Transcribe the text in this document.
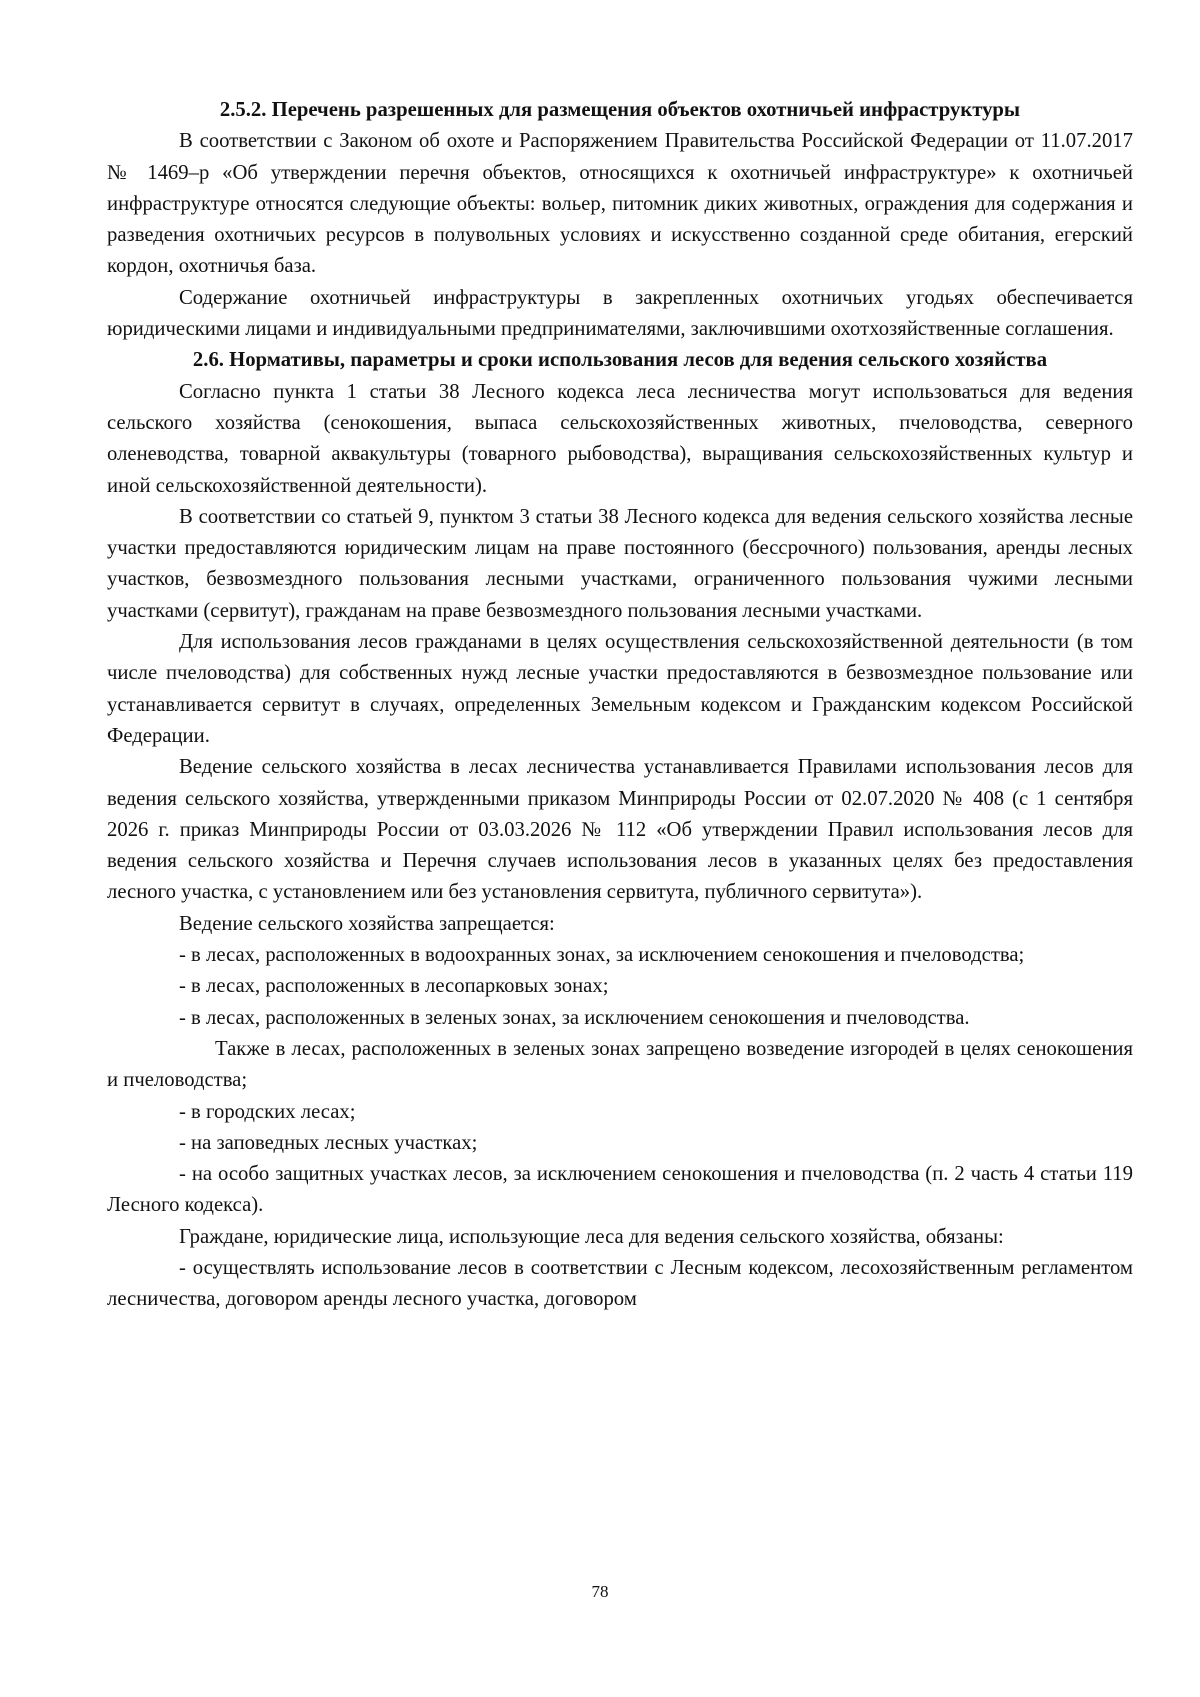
2.5.2. Перечень разрешенных для размещения объектов охотничьей инфраструктуры

В соответствии с Законом об охоте и Распоряжением Правительства Российской Федерации от 11.07.2017 № 1469–р «Об утверждении перечня объектов, относящихся к охотничьей инфраструктуре» к охотничьей инфраструктуре относятся следующие объекты: вольер, питомник диких животных, ограждения для содержания и разведения охотничьих ресурсов в полувольных условиях и искусственно созданной среде обитания, егерский кордон, охотничья база.

Содержание охотничьей инфраструктуры в закрепленных охотничьих угодьях обеспечивается юридическими лицами и индивидуальными предпринимателями, заключившими охотхозяйственные соглашения.

2.6. Нормативы, параметры и сроки использования лесов для ведения сельского хозяйства

Согласно пункта 1 статьи 38 Лесного кодекса леса лесничества могут использоваться для ведения сельского хозяйства (сенокошения, выпаса сельскохозяйственных животных, пчеловодства, северного оленеводства, товарной аквакультуры (товарного рыбоводства), выращивания сельскохозяйственных культур и иной сельскохозяйственной деятельности).

В соответствии со статьей 9, пунктом 3 статьи 38 Лесного кодекса для ведения сельского хозяйства лесные участки предоставляются юридическим лицам на праве постоянного (бессрочного) пользования, аренды лесных участков, безвозмездного пользования лесными участками, ограниченного пользования чужими лесными участками (сервитут), гражданам на праве безвозмездного пользования лесными участками.

Для использования лесов гражданами в целях осуществления сельскохозяйственной деятельности (в том числе пчеловодства) для собственных нужд лесные участки предоставляются в безвозмездное пользование или устанавливается сервитут в случаях, определенных Земельным кодексом и Гражданским кодексом Российской Федерации.

Ведение сельского хозяйства в лесах лесничества устанавливается Правилами использования лесов для ведения сельского хозяйства, утвержденными приказом Минприроды России от 02.07.2020 № 408 (с 1 сентября 2026 г. приказ Минприроды России от 03.03.2026 № 112 «Об утверждении Правил использования лесов для ведения сельского хозяйства и Перечня случаев использования лесов в указанных целях без предоставления лесного участка, с установлением или без установления сервитута, публичного сервитута»).

Ведение сельского хозяйства запрещается:

- в лесах, расположенных в водоохранных зонах, за исключением сенокошения и пчеловодства;

- в лесах, расположенных в лесопарковых зонах;

- в лесах, расположенных в зеленых зонах, за исключением сенокошения и пчеловодства.

Также в лесах, расположенных в зеленых зонах запрещено возведение изгородей в целях сенокошения и пчеловодства;

- в городских лесах;

- на заповедных лесных участках;

- на особо защитных участках лесов, за исключением сенокошения и пчеловодства (п. 2 часть 4 статьи 119 Лесного кодекса).

Граждане, юридические лица, использующие леса для ведения сельского хозяйства, обязаны:

- осуществлять использование лесов в соответствии с Лесным кодексом, лесохозяйственным регламентом лесничества, договором аренды лесного участка, договором

78
